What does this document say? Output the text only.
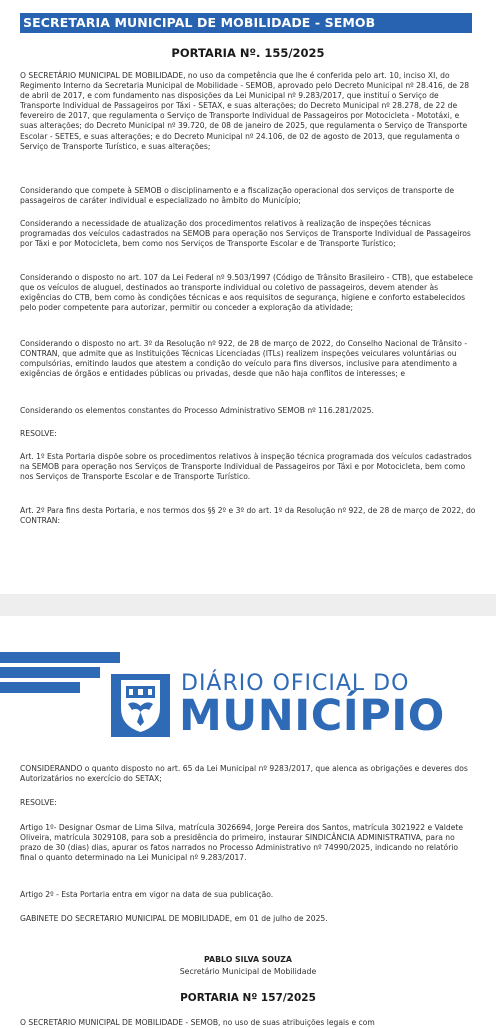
SECRETARIA MUNICIPAL DE MOBILIDADE - SEMOB
PORTARIA Nº. 155/2025

O SECRETÁRIO MUNICIPAL DE MOBILIDADE, no uso da competência que lhe é conferida pelo art. 10, inciso XI, do Regimento Interno da Secretaria Municipal de Mobilidade - SEMOB, aprovado pelo Decreto Municipal nº 28.416, de 28 de abril de 2017, e com fundamento nas disposições da Lei Municipal nº 9.283/2017, que instituí o Serviço de Transporte Individual de Passageiros por Táxi - SETAX, e suas alterações; do Decreto Municipal nº 28.278, de 22 de fevereiro de 2017, que regulamenta o Serviço de Transporte Individual de Passageiros por Motocicleta - Mototáxi, e suas alterações; do Decreto Municipal nº 39.720, de 08 de janeiro de 2025, que regulamenta o Serviço de Transporte Escolar - SETES, e suas alterações; e do Decreto Municipal nº 24.106, de 02 de agosto de 2013, que regulamenta o Serviço de Transporte Turístico, e suas alterações;

Considerando que compete à SEMOB o disciplinamento e a fiscalização operacional dos serviços de transporte de passageiros de caráter individual e especializado no âmbito do Município;

Considerando a necessidade de atualização dos procedimentos relativos à realização de inspeções técnicas programadas dos veículos cadastrados na SEMOB para operação nos Serviços de Transporte Individual de Passageiros por Táxi e por Motocicleta, bem como nos Serviços de Transporte Escolar e de Transporte Turístico;

Considerando o disposto no art. 107 da Lei Federal nº 9.503/1997 (Código de Trânsito Brasileiro - CTB), que estabelece que os veículos de aluguel, destinados ao transporte individual ou coletivo de passageiros, devem atender às exigências do CTB, bem como às condições técnicas e aos requisitos de segurança, higiene e conforto estabelecidos pelo poder competente para autorizar, permitir ou conceder a exploração da atividade;

Considerando o disposto no art. 3º da Resolução nº 922, de 28 de março de 2022, do Conselho Nacional de Trânsito - CONTRAN, que admite que as Instituições Técnicas Licenciadas (ITLs) realizem inspeções veiculares voluntárias ou compulsórias, emitindo laudos que atestem a condição do veículo para fins diversos, inclusive para atendimento a exigências de órgãos e entidades públicas ou privadas, desde que não haja conflitos de interesses; e

Considerando os elementos constantes do Processo Administrativo SEMOB nº 116.281/2025.

RESOLVE:

Art. 1º Esta Portaria dispõe sobre os procedimentos relativos à inspeção técnica programada dos veículos cadastrados na SEMOB para operação nos Serviços de Transporte Individual de Passageiros por Táxi e por Motocicleta, bem como nos Serviços de Transporte Escolar e de Transporte Turístico.

Art. 2º Para fins desta Portaria, e nos termos dos §§ 2º e 3º do art. 1º da Resolução nº 922, de 28 de março de 2022, do CONTRAN:

DIÁRIO OFICIAL DO
MUNICÍPIO

CONSIDERANDO o quanto disposto no art. 65 da Lei Municipal nº 9283/2017, que alenca as obrigações e deveres dos Autorizatários no exercício do SETAX;

RESOLVE:

Artigo 1º- Designar Osmar de Lima Silva, matrícula 3026694, Jorge Pereira dos Santos, matrícula 3021922 e Valdete Oliveira, matrícula 3029108, para sob a presidência do primeiro, instaurar SINDICÂNCIA ADMINISTRATIVA, para no prazo de 30 (dias) dias, apurar os fatos narrados no Processo Administrativo nº 74990/2025, indicando no relatório final o quanto determinado na Lei Municipal nº 9.283/2017.

Artigo 2º - Esta Portaria entra em vigor na data de sua publicação.

GABINETE DO SECRETARIO MUNICIPAL DE MOBILIDADE, em 01 de julho de 2025.

PABLO SILVA SOUZA
Secretário Municipal de Mobilidade
PORTARIA Nº 157/2025

O SECRETÁRIO MUNICIPAL DE MOBILIDADE - SEMOB, no uso de suas atribuições legais e com
